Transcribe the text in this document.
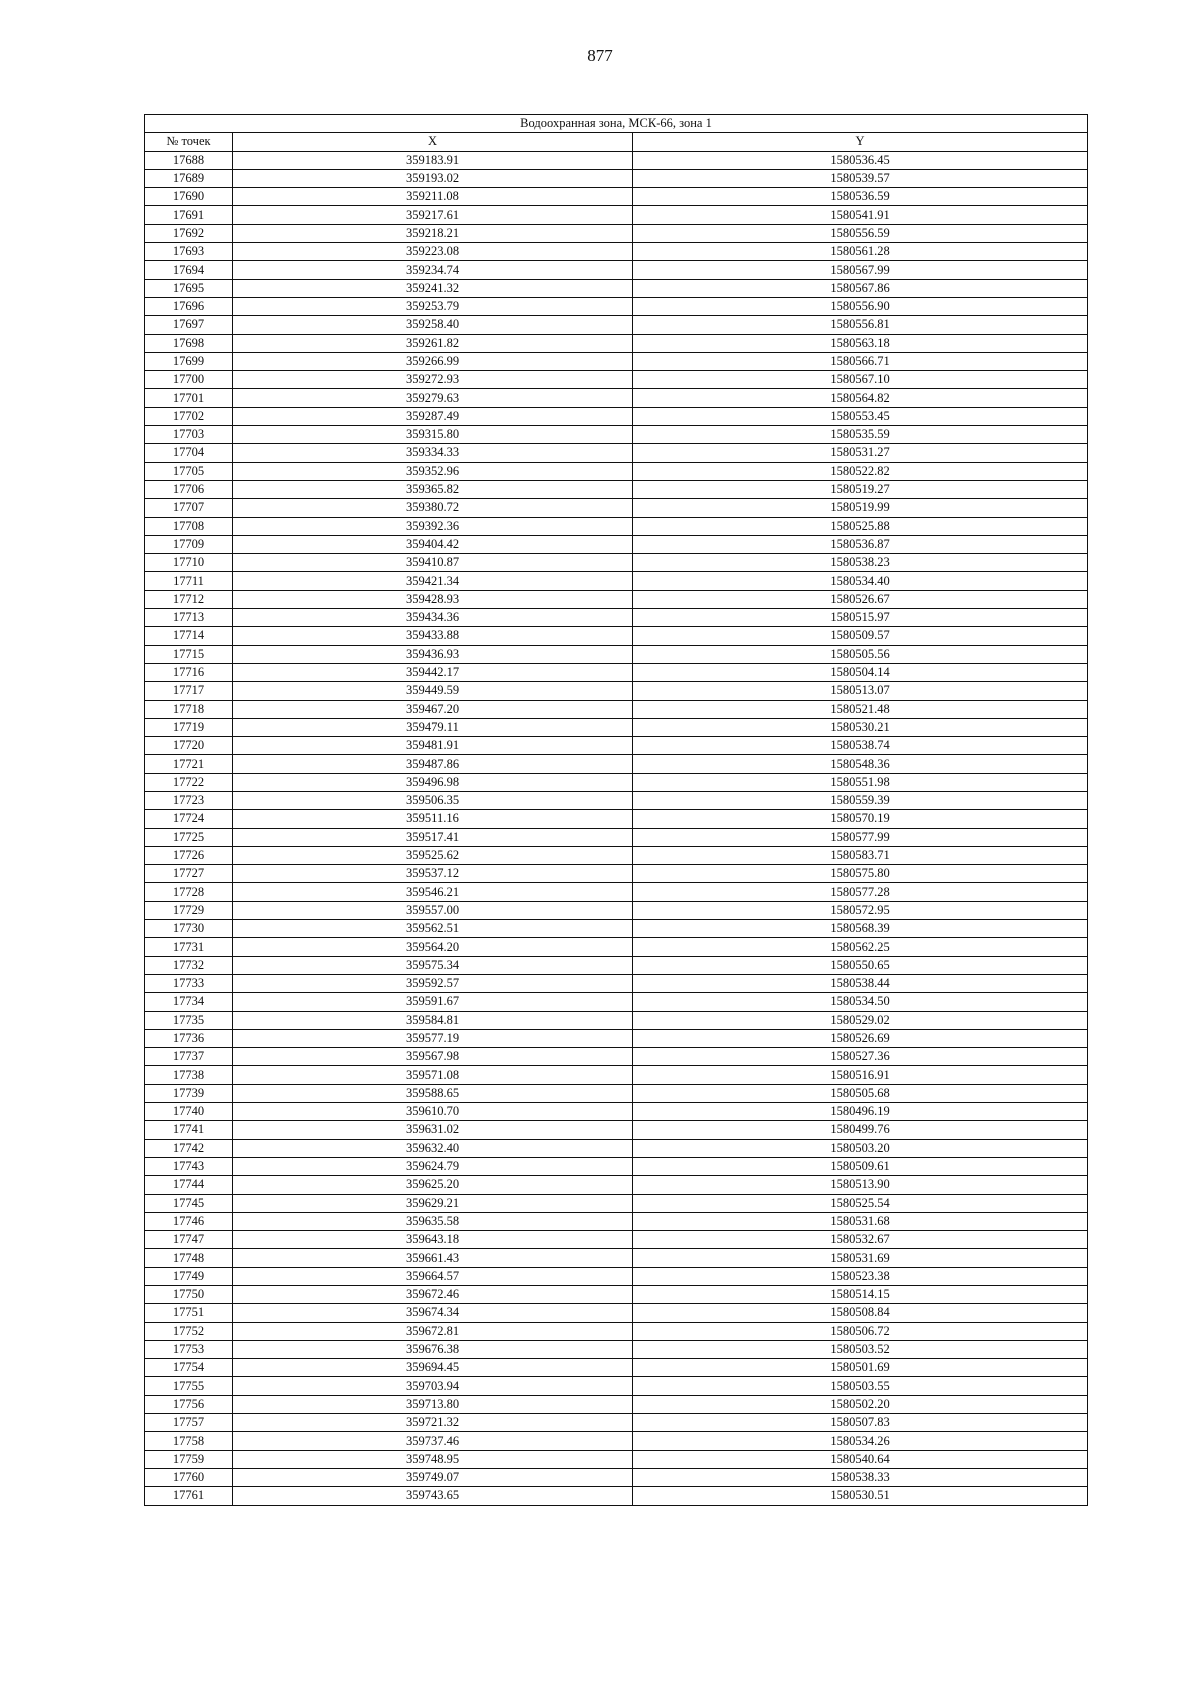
877
Водоохранная зона, МСК-66, зона 1		
№ точек	X	Y
17688	359183.91	1580536.45
17689	359193.02	1580539.57
17690	359211.08	1580536.59
17691	359217.61	1580541.91
17692	359218.21	1580556.59
17693	359223.08	1580561.28
17694	359234.74	1580567.99
17695	359241.32	1580567.86
17696	359253.79	1580556.90
17697	359258.40	1580556.81
17698	359261.82	1580563.18
17699	359266.99	1580566.71
17700	359272.93	1580567.10
17701	359279.63	1580564.82
17702	359287.49	1580553.45
17703	359315.80	1580535.59
17704	359334.33	1580531.27
17705	359352.96	1580522.82
17706	359365.82	1580519.27
17707	359380.72	1580519.99
17708	359392.36	1580525.88
17709	359404.42	1580536.87
17710	359410.87	1580538.23
17711	359421.34	1580534.40
17712	359428.93	1580526.67
17713	359434.36	1580515.97
17714	359433.88	1580509.57
17715	359436.93	1580505.56
17716	359442.17	1580504.14
17717	359449.59	1580513.07
17718	359467.20	1580521.48
17719	359479.11	1580530.21
17720	359481.91	1580538.74
17721	359487.86	1580548.36
17722	359496.98	1580551.98
17723	359506.35	1580559.39
17724	359511.16	1580570.19
17725	359517.41	1580577.99
17726	359525.62	1580583.71
17727	359537.12	1580575.80
17728	359546.21	1580577.28
17729	359557.00	1580572.95
17730	359562.51	1580568.39
17731	359564.20	1580562.25
17732	359575.34	1580550.65
17733	359592.57	1580538.44
17734	359591.67	1580534.50
17735	359584.81	1580529.02
17736	359577.19	1580526.69
17737	359567.98	1580527.36
17738	359571.08	1580516.91
17739	359588.65	1580505.68
17740	359610.70	1580496.19
17741	359631.02	1580499.76
17742	359632.40	1580503.20
17743	359624.79	1580509.61
17744	359625.20	1580513.90
17745	359629.21	1580525.54
17746	359635.58	1580531.68
17747	359643.18	1580532.67
17748	359661.43	1580531.69
17749	359664.57	1580523.38
17750	359672.46	1580514.15
17751	359674.34	1580508.84
17752	359672.81	1580506.72
17753	359676.38	1580503.52
17754	359694.45	1580501.69
17755	359703.94	1580503.55
17756	359713.80	1580502.20
17757	359721.32	1580507.83
17758	359737.46	1580534.26
17759	359748.95	1580540.64
17760	359749.07	1580538.33
17761	359743.65	1580530.51
